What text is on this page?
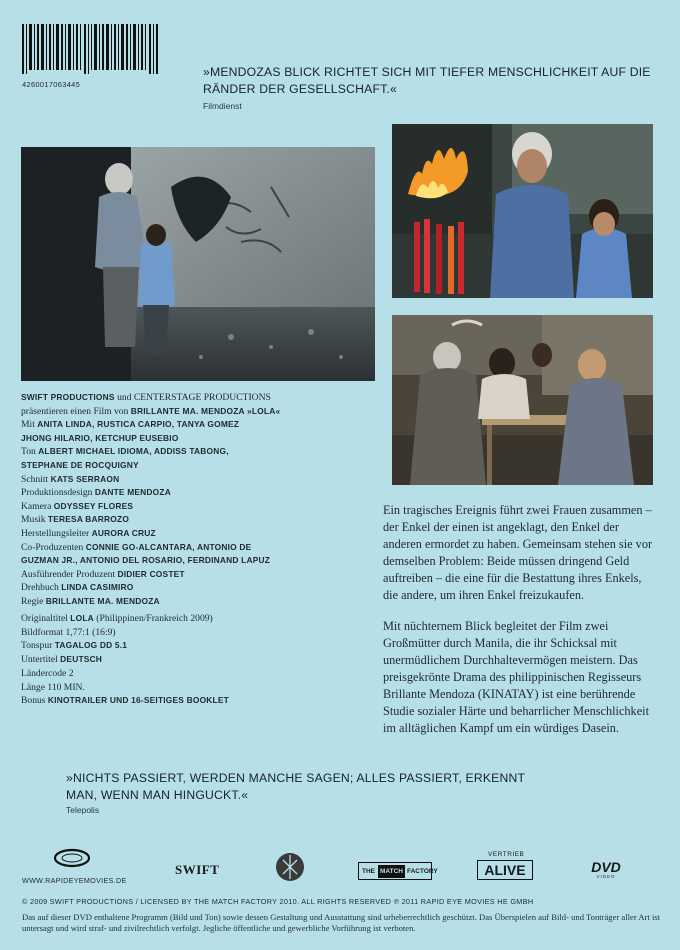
4260017063445
»MENDOZAS BLICK RICHTET SICH MIT TIEFER MENSCHLICHKEIT AUF DIE RÄNDER DER GESELLSCHAFT.«
Filmdienst
SWIFT PRODUCTIONS und CENTERSTAGE PRODUCTIONS
präsentieren einen Film von BRILLANTE MA. MENDOZA »LOLA«
Mit ANITA LINDA, RUSTICA CARPIO, TANYA GOMEZ
JHONG HILARIO, KETCHUP EUSEBIO
Ton ALBERT MICHAEL IDIOMA, ADDISS TABONG,
STEPHANE DE ROCQUIGNY
Schnitt KATS SERRAON
Produktionsdesign DANTE MENDOZA
Kamera ODYSSEY FLORES
Musik TERESA BARROZO
Herstellungsleiter AURORA CRUZ
Co-Produzenten CONNIE GO-ALCANTARA, ANTONIO DE
GUZMAN JR., ANTONIO DEL ROSARIO, FERDINAND LAPUZ
Ausführender Produzent DIDIER COSTET
Drehbuch LINDA CASIMIRO
Regie BRILLANTE MA. MENDOZA
Originaltitel LOLA (Philippinen/Frankreich 2009)
Bildformat 1,77:1 (16:9)
Tonspur TAGALOG DD 5.1
Untertitel DEUTSCH
Ländercode 2
Länge 110 MIN.
Bonus KINOTRAILER UND 16-SEITIGES BOOKLET

Ein tragisches Ereignis führt zwei Frauen zusammen – der Enkel der einen ist angeklagt, den Enkel der anderen ermordet zu haben. Gemeinsam stehen sie vor demselben Problem: Beide müssen dringend Geld auftreiben – die eine für die Bestattung ihres Enkels, die andere, um ihren Enkel freizukaufen.

Mit nüchternem Blick begleitet der Film zwei Großmütter durch Manila, die ihr Schicksal mit unermüdlichem Durchhaltevermögen meistern. Das preisgekrönte Drama des philippinischen Regisseurs Brillante Mendoza (KINATAY) ist eine berührende Studie sozialer Härte und beharrlicher Menschlichkeit im alltäglichen Kampf um ein würdiges Dasein.

»NICHTS PASSIERT, WERDEN MANCHE SAGEN; ALLES PASSIERT, ERKENNT MAN, WENN MAN HINGUCKT.«
Telepolis
WWW.RAPIDEYEMOVIES.DE
SWIFT	THE MATCH FACTORY
VERTRIEB
ALIVE	DVD
VIDEO
© 2009 SWIFT PRODUCTIONS / LICENSED BY THE MATCH FACTORY 2010. ALL RIGHTS RESERVED ℗ 2011 RAPID EYE MOVIES HE GMBH
Das auf dieser DVD enthaltene Programm (Bild und Ton) sowie dessen Gestaltung und Ausstattung sind urheberrechtlich geschützt. Das Überspielen auf Bild- und Tonträger aller Art ist untersagt und wird straf- und zivilrechtlich verfolgt. Jegliche öffentliche und gewerbliche Vorführung ist verboten.
